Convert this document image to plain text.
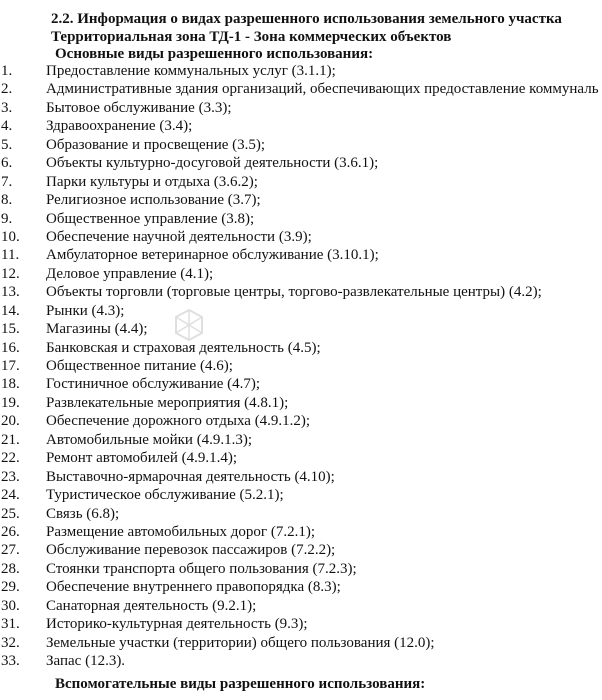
2.2. Информация о видах разрешенного использования земельного участка
Территориальная зона ТД-1 - Зона коммерческих объектов
Основные виды разрешенного использования:
1. Предоставление коммунальных услуг (3.1.1);
2. Административные здания организаций, обеспечивающих предоставление коммуналь
3. Бытовое обслуживание (3.3);
4. Здравоохранение (3.4);
5. Образование и просвещение (3.5);
6. Объекты культурно-досуговой деятельности (3.6.1);
7. Парки культуры и отдыха (3.6.2);
8. Религиозное использование (3.7);
9. Общественное управление (3.8);
10. Обеспечение научной деятельности (3.9);
11. Амбулаторное ветеринарное обслуживание (3.10.1);
12. Деловое управление (4.1);
13. Объекты торговли (торговые центры, торгово-развлекательные центры) (4.2);
14. Рынки (4.3);
15. Магазины (4.4);
16. Банковская и страховая деятельность (4.5);
17. Общественное питание (4.6);
18. Гостиничное обслуживание (4.7);
19. Развлекательные мероприятия (4.8.1);
20. Обеспечение дорожного отдыха (4.9.1.2);
21. Автомобильные мойки (4.9.1.3);
22. Ремонт автомобилей (4.9.1.4);
23. Выставочно-ярмарочная деятельность (4.10);
24. Туристическое обслуживание (5.2.1);
25. Связь (6.8);
26. Размещение автомобильных дорог (7.2.1);
27. Обслуживание перевозок пассажиров (7.2.2);
28. Стоянки транспорта общего пользования (7.2.3);
29. Обеспечение внутреннего правопорядка (8.3);
30. Санаторная деятельность (9.2.1);
31. Историко-культурная деятельность (9.3);
32. Земельные участки (территории) общего пользования (12.0);
33. Запас (12.3).
Вспомогательные виды разрешенного использования:
